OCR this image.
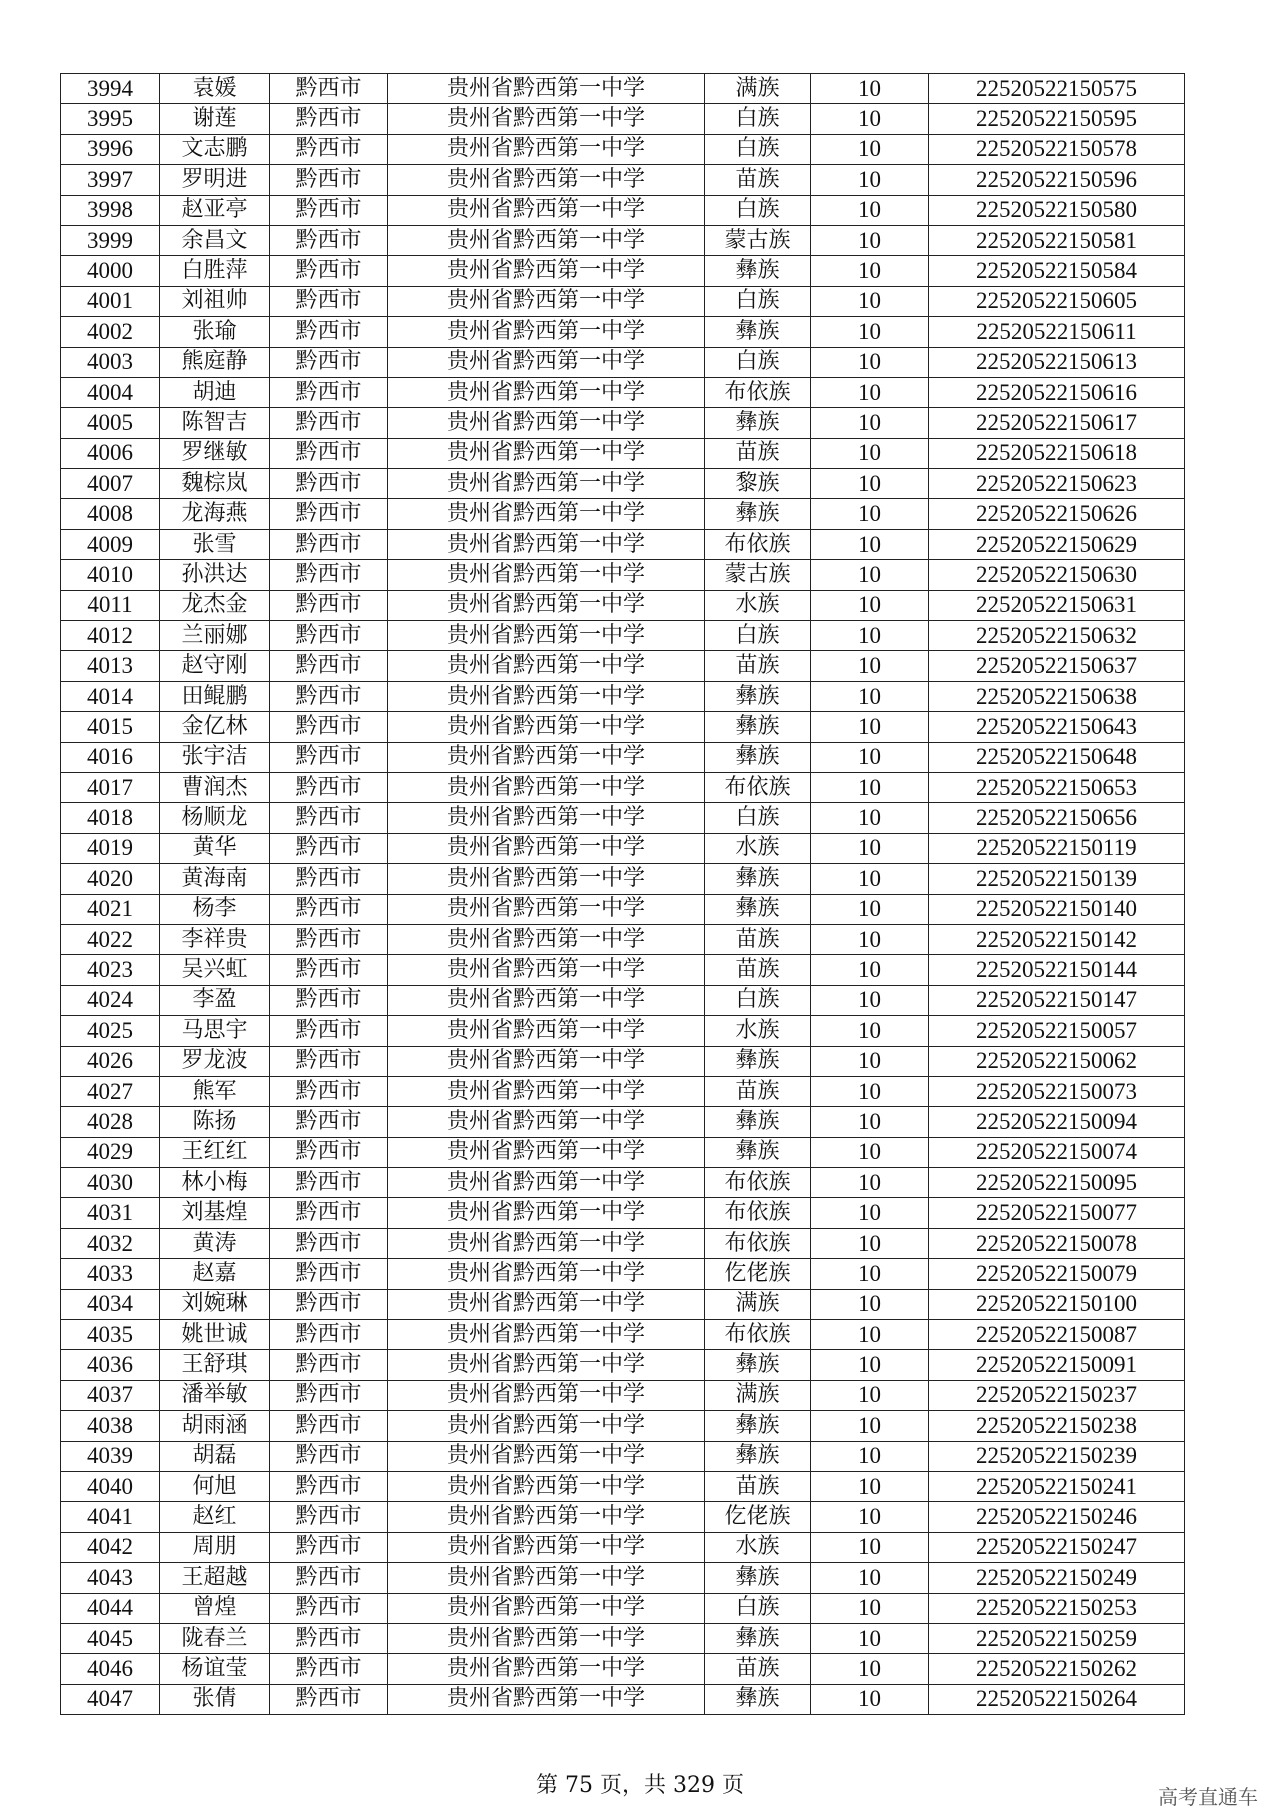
3994	袁媛	黔西市	贵州省黔西第一中学	满族	10	22520522150575
3995	谢莲	黔西市	贵州省黔西第一中学	白族	10	22520522150595
3996	文志鹏	黔西市	贵州省黔西第一中学	白族	10	22520522150578
3997	罗明进	黔西市	贵州省黔西第一中学	苗族	10	22520522150596
3998	赵亚亭	黔西市	贵州省黔西第一中学	白族	10	22520522150580
3999	余昌文	黔西市	贵州省黔西第一中学	蒙古族	10	22520522150581
4000	白胜萍	黔西市	贵州省黔西第一中学	彝族	10	22520522150584
4001	刘祖帅	黔西市	贵州省黔西第一中学	白族	10	22520522150605
4002	张瑜	黔西市	贵州省黔西第一中学	彝族	10	22520522150611
4003	熊庭静	黔西市	贵州省黔西第一中学	白族	10	22520522150613
4004	胡迪	黔西市	贵州省黔西第一中学	布依族	10	22520522150616
4005	陈智吉	黔西市	贵州省黔西第一中学	彝族	10	22520522150617
4006	罗继敏	黔西市	贵州省黔西第一中学	苗族	10	22520522150618
4007	魏棕岚	黔西市	贵州省黔西第一中学	黎族	10	22520522150623
4008	龙海燕	黔西市	贵州省黔西第一中学	彝族	10	22520522150626
4009	张雪	黔西市	贵州省黔西第一中学	布依族	10	22520522150629
4010	孙洪达	黔西市	贵州省黔西第一中学	蒙古族	10	22520522150630
4011	龙杰金	黔西市	贵州省黔西第一中学	水族	10	22520522150631
4012	兰丽娜	黔西市	贵州省黔西第一中学	白族	10	22520522150632
4013	赵守刚	黔西市	贵州省黔西第一中学	苗族	10	22520522150637
4014	田鲲鹏	黔西市	贵州省黔西第一中学	彝族	10	22520522150638
4015	金亿林	黔西市	贵州省黔西第一中学	彝族	10	22520522150643
4016	张宇洁	黔西市	贵州省黔西第一中学	彝族	10	22520522150648
4017	曹润杰	黔西市	贵州省黔西第一中学	布依族	10	22520522150653
4018	杨顺龙	黔西市	贵州省黔西第一中学	白族	10	22520522150656
4019	黄华	黔西市	贵州省黔西第一中学	水族	10	22520522150119
4020	黄海南	黔西市	贵州省黔西第一中学	彝族	10	22520522150139
4021	杨李	黔西市	贵州省黔西第一中学	彝族	10	22520522150140
4022	李祥贵	黔西市	贵州省黔西第一中学	苗族	10	22520522150142
4023	吴兴虹	黔西市	贵州省黔西第一中学	苗族	10	22520522150144
4024	李盈	黔西市	贵州省黔西第一中学	白族	10	22520522150147
4025	马思宇	黔西市	贵州省黔西第一中学	水族	10	22520522150057
4026	罗龙波	黔西市	贵州省黔西第一中学	彝族	10	22520522150062
4027	熊军	黔西市	贵州省黔西第一中学	苗族	10	22520522150073
4028	陈扬	黔西市	贵州省黔西第一中学	彝族	10	22520522150094
4029	王红红	黔西市	贵州省黔西第一中学	彝族	10	22520522150074
4030	林小梅	黔西市	贵州省黔西第一中学	布依族	10	22520522150095
4031	刘基煌	黔西市	贵州省黔西第一中学	布依族	10	22520522150077
4032	黄涛	黔西市	贵州省黔西第一中学	布依族	10	22520522150078
4033	赵嘉	黔西市	贵州省黔西第一中学	仡佬族	10	22520522150079
4034	刘婉琳	黔西市	贵州省黔西第一中学	满族	10	22520522150100
4035	姚世诚	黔西市	贵州省黔西第一中学	布依族	10	22520522150087
4036	王舒琪	黔西市	贵州省黔西第一中学	彝族	10	22520522150091
4037	潘举敏	黔西市	贵州省黔西第一中学	满族	10	22520522150237
4038	胡雨涵	黔西市	贵州省黔西第一中学	彝族	10	22520522150238
4039	胡磊	黔西市	贵州省黔西第一中学	彝族	10	22520522150239
4040	何旭	黔西市	贵州省黔西第一中学	苗族	10	22520522150241
4041	赵红	黔西市	贵州省黔西第一中学	仡佬族	10	22520522150246
4042	周朋	黔西市	贵州省黔西第一中学	水族	10	22520522150247
4043	王超越	黔西市	贵州省黔西第一中学	彝族	10	22520522150249
4044	曾煌	黔西市	贵州省黔西第一中学	白族	10	22520522150253
4045	陇春兰	黔西市	贵州省黔西第一中学	彝族	10	22520522150259
4046	杨谊莹	黔西市	贵州省黔西第一中学	苗族	10	22520522150262
4047	张倩	黔西市	贵州省黔西第一中学	彝族	10	22520522150264
第 75 页，共 329 页	高考直通车
